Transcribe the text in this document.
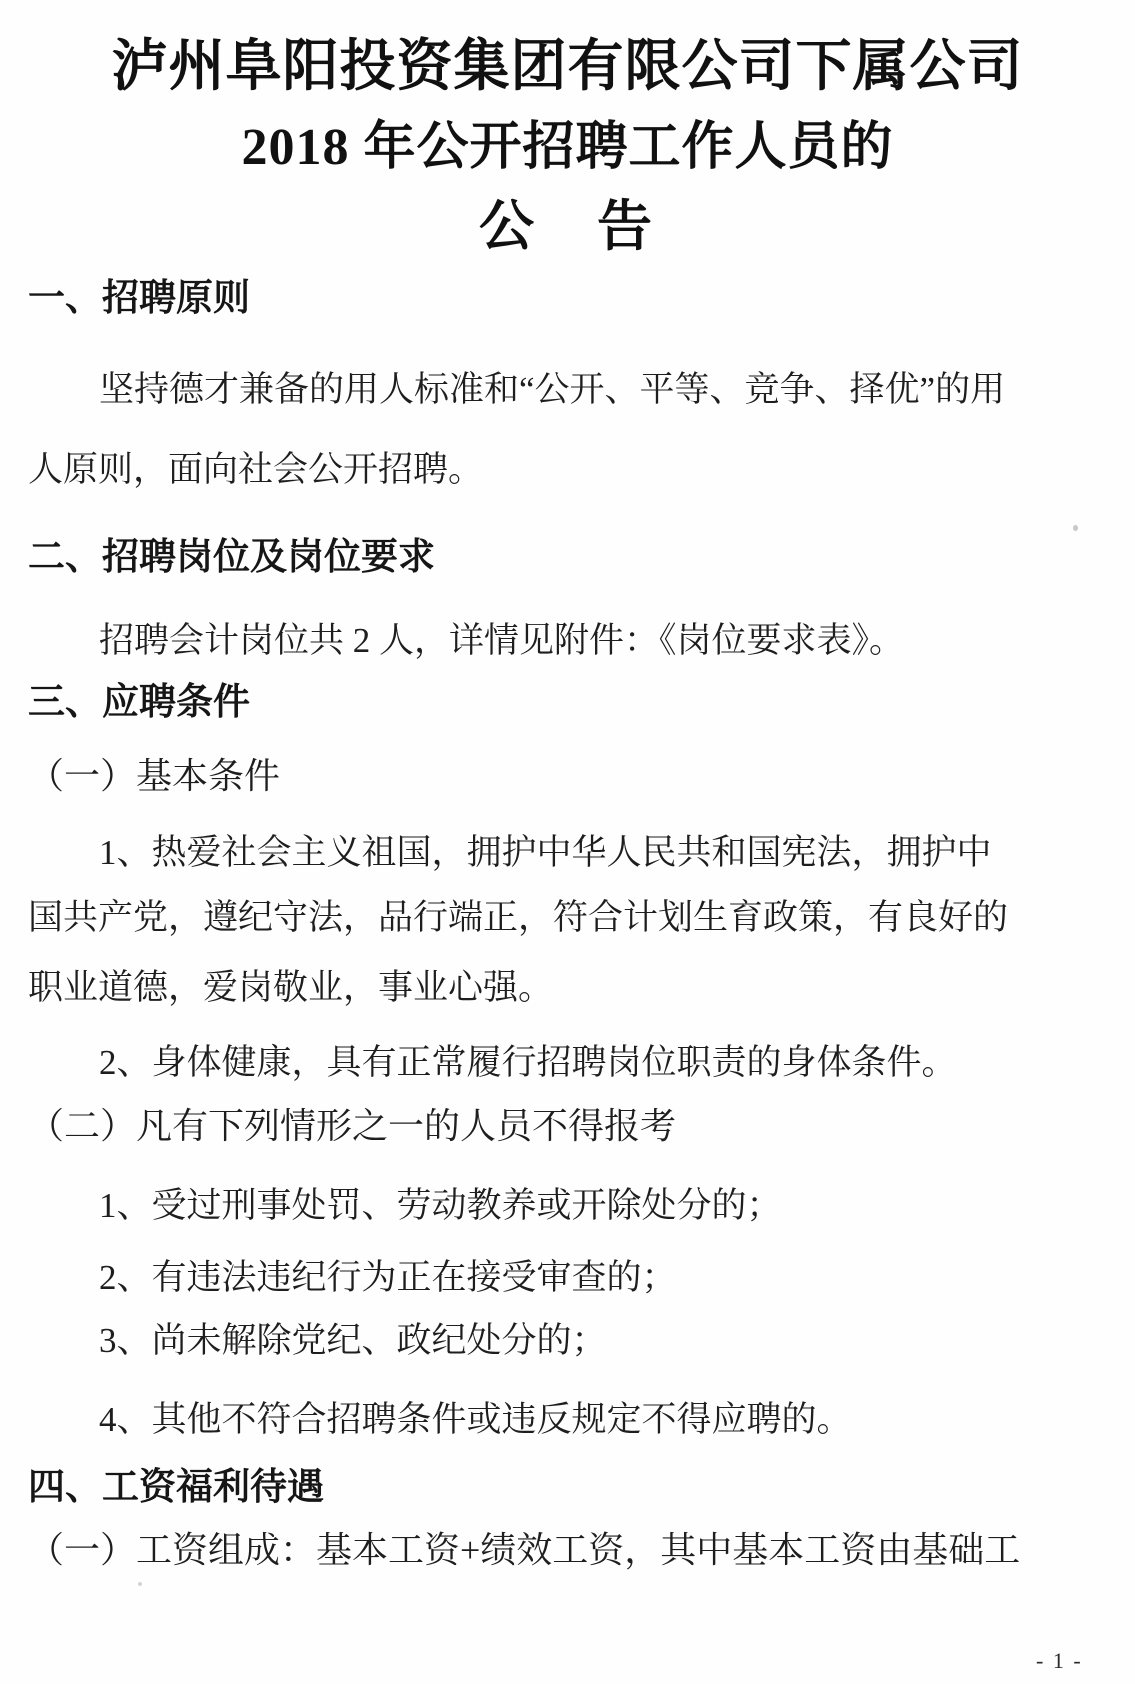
泸州阜阳投资集团有限公司下属公司
2018 年公开招聘工作人员的
公　告
一、招聘原则
坚持德才兼备的用人标准和“公开、平等、竞争、择优”的用
人原则，面向社会公开招聘。
二、招聘岗位及岗位要求
招聘会计岗位共 2 人，详情见附件：《岗位要求表》。
三、应聘条件
（一）基本条件
1、热爱社会主义祖国，拥护中华人民共和国宪法，拥护中
国共产党，遵纪守法，品行端正，符合计划生育政策，有良好的
职业道德，爱岗敬业，事业心强。
2、身体健康，具有正常履行招聘岗位职责的身体条件。
（二）凡有下列情形之一的人员不得报考
1、受过刑事处罚、劳动教养或开除处分的；
2、有违法违纪行为正在接受审查的；
3、尚未解除党纪、政纪处分的；
4、其他不符合招聘条件或违反规定不得应聘的。
四、工资福利待遇
（一）工资组成：基本工资+绩效工资，其中基本工资由基础工
- 1 -
